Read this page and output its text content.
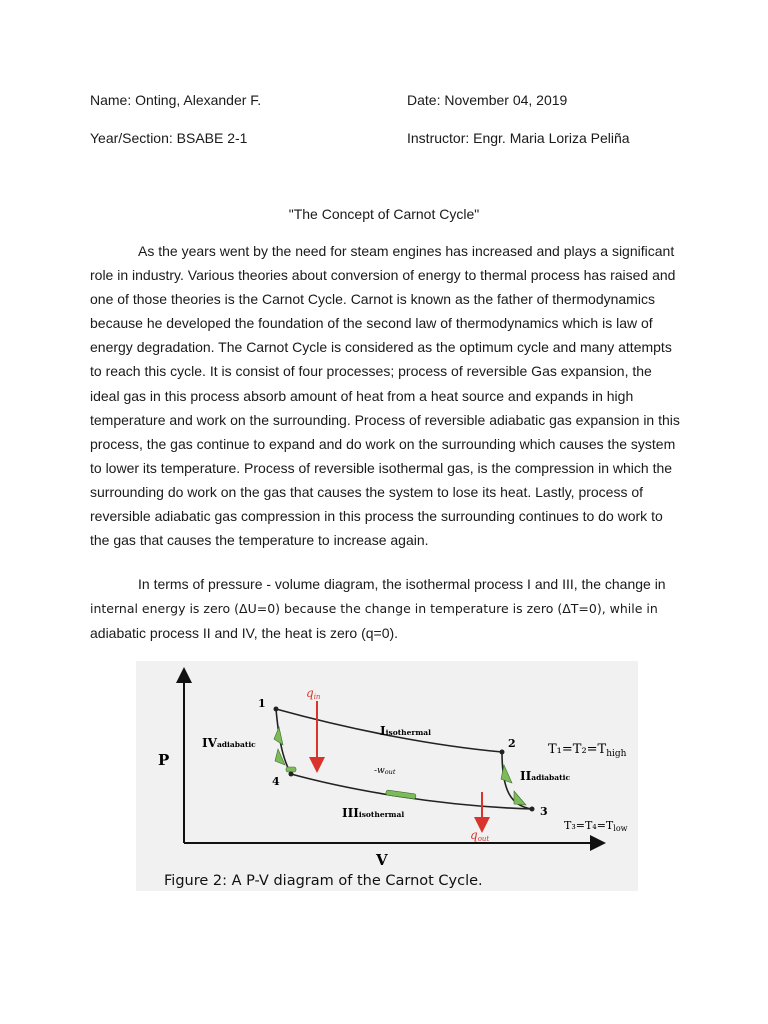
Name: Onting, Alexander F.	Date: November 04, 2019
Year/Section: BSABE 2-1	Instructor: Engr. Maria Loriza Peliña
"The Concept of Carnot Cycle"

As the years went by the need for steam engines has increased and plays a significant role in industry. Various theories about conversion of energy to thermal process has raised and one of those theories is the Carnot Cycle. Carnot is known as the father of thermodynamics because he developed the foundation of the second law of thermodynamics which is law of energy degradation. The Carnot Cycle is considered as the optimum cycle and many attempts to reach this cycle. It is consist of four processes; process of reversible Gas expansion, the ideal gas in this process absorb amount of heat from a heat source and expands in high temperature and work on the surrounding. Process of reversible adiabatic gas expansion in this process, the gas continue to expand and do work on the surrounding which causes the system to lower its temperature. Process of reversible isothermal gas, is the compression in which the surrounding do work on the gas that causes the system to lose its heat. Lastly, process of reversible adiabatic gas compression in this process the surrounding continues to do work to the gas that causes the temperature to increase again.

In terms of pressure - volume diagram, the isothermal process I and III, the change in internal energy is zero (ΔU=0) because the change in temperature is zero (ΔT=0), while in adiabatic process II and IV, the heat is zero (q=0).

P
V
1
2
3
4
qin
qout
Iisothermal
IIadiabatic
IIIisothermal
IVadiabatic
-wout
$T_1=T_2=T_{high}$
T₃=T₄=Tlow
Figure 2: A P-V diagram of the Carnot Cycle.
